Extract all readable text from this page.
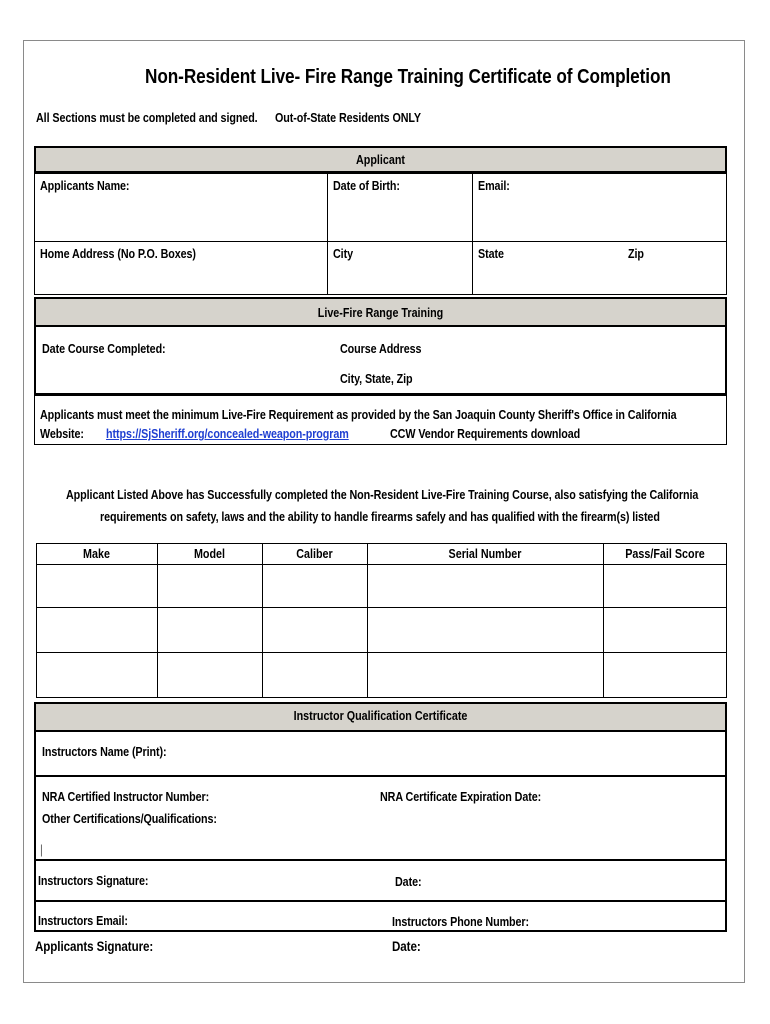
Non-Resident Live- Fire Range Training Certificate of Completion
All Sections must be completed and signed. Out-of-State Residents ONLY
Applicant
Applicants Name:	Date of Birth:	Email:
Home Address (No P.O. Boxes)	City	State	Zip
Live-Fire Range Training
Date Course Completed:	Course Address
City, State, Zip
Applicants must meet the minimum Live-Fire Requirement as provided by the San Joaquin County Sheriff's Office in California
Website: https://SjSheriff.org/concealed-weapon-program	CCW Vendor Requirements download
Applicant Listed Above has Successfully completed the Non-Resident Live-Fire Training Course, also satisfying the California
requirements on safety, laws and the ability to handle firearms safely and has qualified with the firearm(s) listed
Make	Model	Caliber	Serial Number	Pass/Fail Score
Instructor Qualification Certificate
Instructors Name (Print):
NRA Certified Instructor Number:	NRA Certificate Expiration Date:
Other Certifications/Qualifications:
|
Instructors Signature:	Date:
Instructors Email:	Instructors Phone Number:
Applicants Signature:	Date:
